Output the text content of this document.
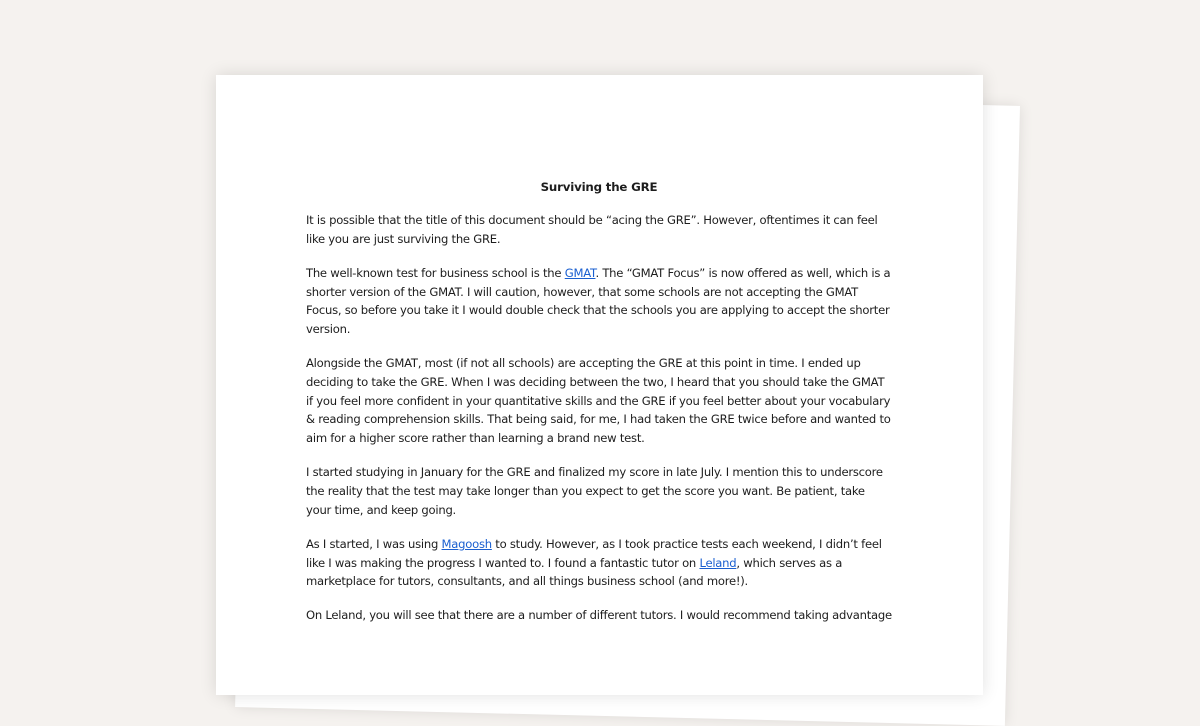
Surviving the GRE

It is possible that the title of this document should be “acing the GRE”. However, oftentimes it can feel like you are just surviving the GRE.

The well-known test for business school is the GMAT. The “GMAT Focus” is now offered as well, which is a shorter version of the GMAT. I will caution, however, that some schools are not accepting the GMAT Focus, so before you take it I would double check that the schools you are applying to accept the shorter version.

Alongside the GMAT, most (if not all schools) are accepting the GRE at this point in time. I ended up deciding to take the GRE. When I was deciding between the two, I heard that you should take the GMAT if you feel more confident in your quantitative skills and the GRE if you feel better about your vocabulary & reading comprehension skills. That being said, for me, I had taken the GRE twice before and wanted to aim for a higher score rather than learning a brand new test.

I started studying in January for the GRE and finalized my score in late July. I mention this to underscore the reality that the test may take longer than you expect to get the score you want. Be patient, take your time, and keep going.

As I started, I was using Magoosh to study. However, as I took practice tests each weekend, I didn’t feel like I was making the progress I wanted to. I found a fantastic tutor on Leland, which serves as a marketplace for tutors, consultants, and all things business school (and more!).

On Leland, you will see that there are a number of different tutors. I would recommend taking advantage
